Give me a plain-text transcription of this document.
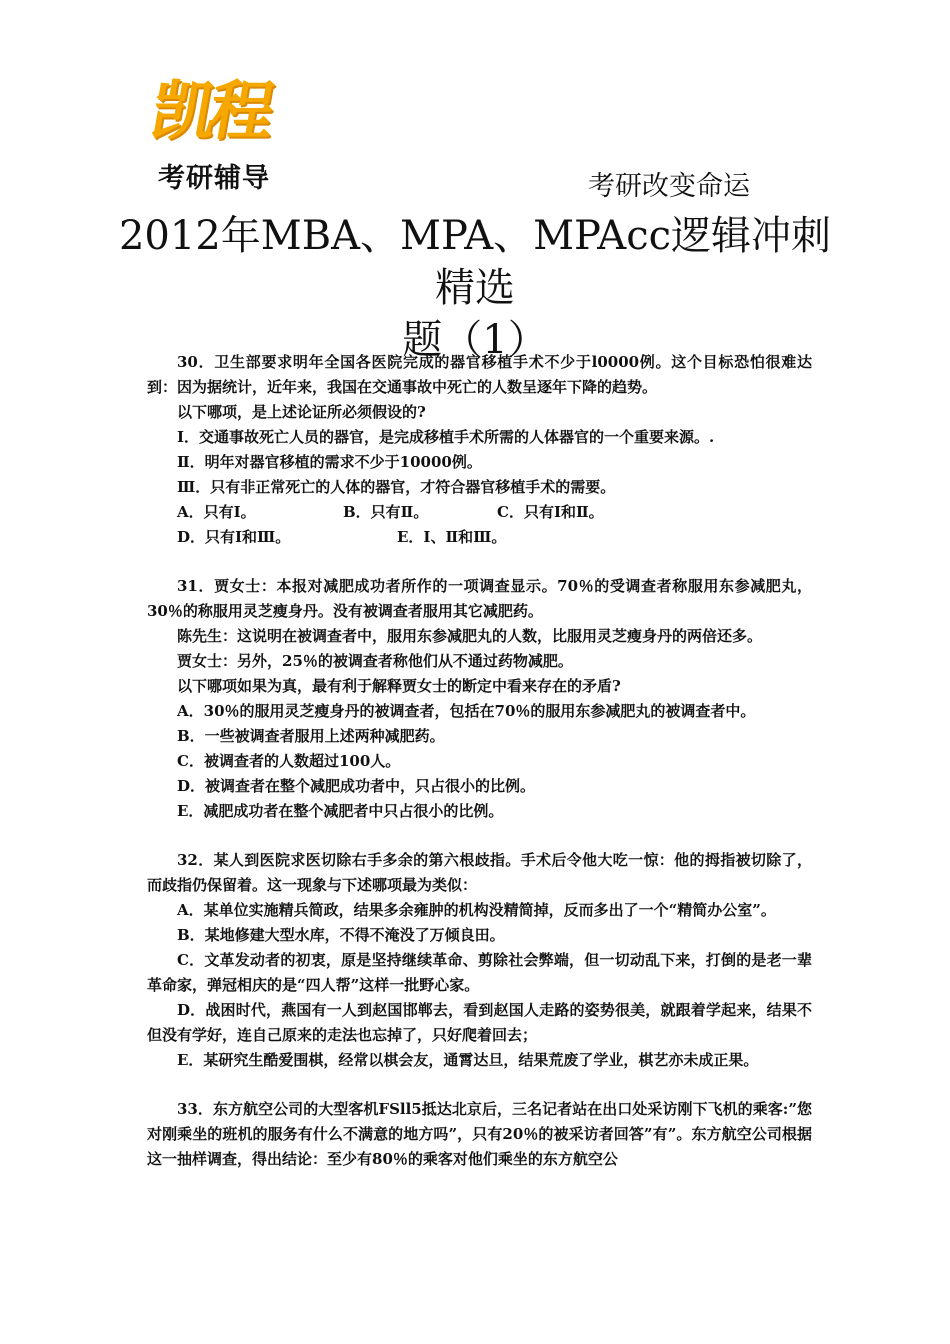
凯程
考研辅导	考研改变命运
2012年MBA、MPA、MPAcc逻辑冲刺精选
题（1）

30．卫生部要求明年全国各医院完成的器官移植手术不少于l0000例。这个目标恐怕很难达到：因为据统计，近年来，我国在交通事故中死亡的人数呈逐年下降的趋势。

以下哪项，是上述论证所必须假设的?

Ⅰ．交通事故死亡人员的器官，是完成移植手术所需的人体器官的一个重要来源。.

Ⅱ．明年对器官移植的需求不少于10000例。

Ⅲ．只有非正常死亡的人体的器官，才符合器官移植手术的需要。

A．只有Ⅰ。	B．只有Ⅱ。	C．只有Ⅰ和Ⅱ。
D．只有Ⅰ和Ⅲ。	E．Ⅰ、Ⅱ和Ⅲ。

31．贾女士：本报对减肥成功者所作的一项调查显示。70％的受调查者称服用东参减肥丸，30％的称服用灵芝瘦身丹。没有被调查者服用其它减肥药。

陈先生：这说明在被调查者中，服用东参减肥丸的人数，比服用灵芝瘦身丹的两倍还多。

贾女士：另外，25％的被调查者称他们从不通过药物减肥。

以下哪项如果为真，最有利于解释贾女士的断定中看来存在的矛盾?

A．30％的服用灵芝瘦身丹的被调查者，包括在70％的服用东参减肥丸的被调查者中。

B．一些被调查者服用上述两种减肥药。

C．被调查者的人数超过100人。

D．被调查者在整个减肥成功者中，只占很小的比例。

E．减肥成功者在整个减肥者中只占很小的比例。

32．某人到医院求医切除右手多余的第六根歧指。手术后令他大吃一惊：他的拇指被切除了，而歧指仍保留着。这一现象与下述哪项最为类似：

A．某单位实施精兵简政，结果多余雍肿的机构没精简掉，反而多出了一个“精简办公室”。

B．某地修建大型水库，不得不淹没了万倾良田。

C．文革发动者的初衷，原是坚持继续革命、剪除社会弊端，但一切动乱下来，打倒的是老一辈革命家，弹冠相庆的是“四人帮”这样一批野心家。

D．战困时代，燕国有一人到赵国邯郸去，看到赵国人走路的姿势很美，就跟着学起来，结果不但没有学好，连自己原来的走法也忘掉了，只好爬着回去；

E．某研究生酷爱围棋，经常以棋会友，通霄达旦，结果荒废了学业，棋艺亦未成正果。

33．东方航空公司的大型客机FSll5抵达北京后，三名记者站在出口处采访刚下飞机的乘客:”您对刚乘坐的班机的服务有什么不满意的地方吗”，只有20％的被采访者回答”有”。东方航空公司根据这一抽样调查，得出结论：至少有80％的乘客对他们乘坐的东方航空公
